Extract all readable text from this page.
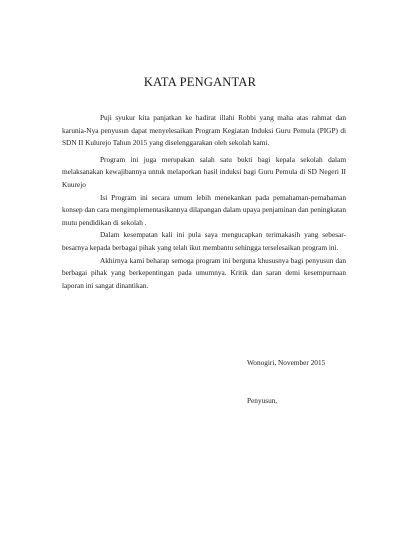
KATA PENGANTAR

Puji syukur kita panjatkan ke hadirat illahi Robbi yang maha atas rahmat dan karunia-Nya penyusun dapat menyelesaikan Program Kegiatan Induksi Guru Pemula (PIGP) di SDN II Kulurejo Tahun 2015 yang diselenggarakan oleh sekolah kami.

Program ini juga merupakan salah satu bukti bagi kepala sekolah dalam melaksanakan kewajibannya untuk melaporkan hasil induksi bagi Guru Pemula di SD Negeri II Kuurejo

Isi Program ini secara umum lebih menekankan pada pemahaman-pemahaman konsep dan cara mengimplementasikannya dilapangan dalam upaya penjaminan dan peningkatan mutu pendidikan di sekolah .

Dalam kesempatan kali ini pula saya mengucapkan terimakasih yang sebesar-besarnya kepada berbagai pihak yang telah ikut membantu sehingga terselesaikan program ini.

Akhirnya kami beharap semoga program ini berguna khususnya bagi penyusun dan berbagai pihak yang berkepentingan pada umumnya. Kritik dan saran demi kesempurnaan laporan ini sangat dinantikan.

Wonogiri, November 2015

Penyusun,
